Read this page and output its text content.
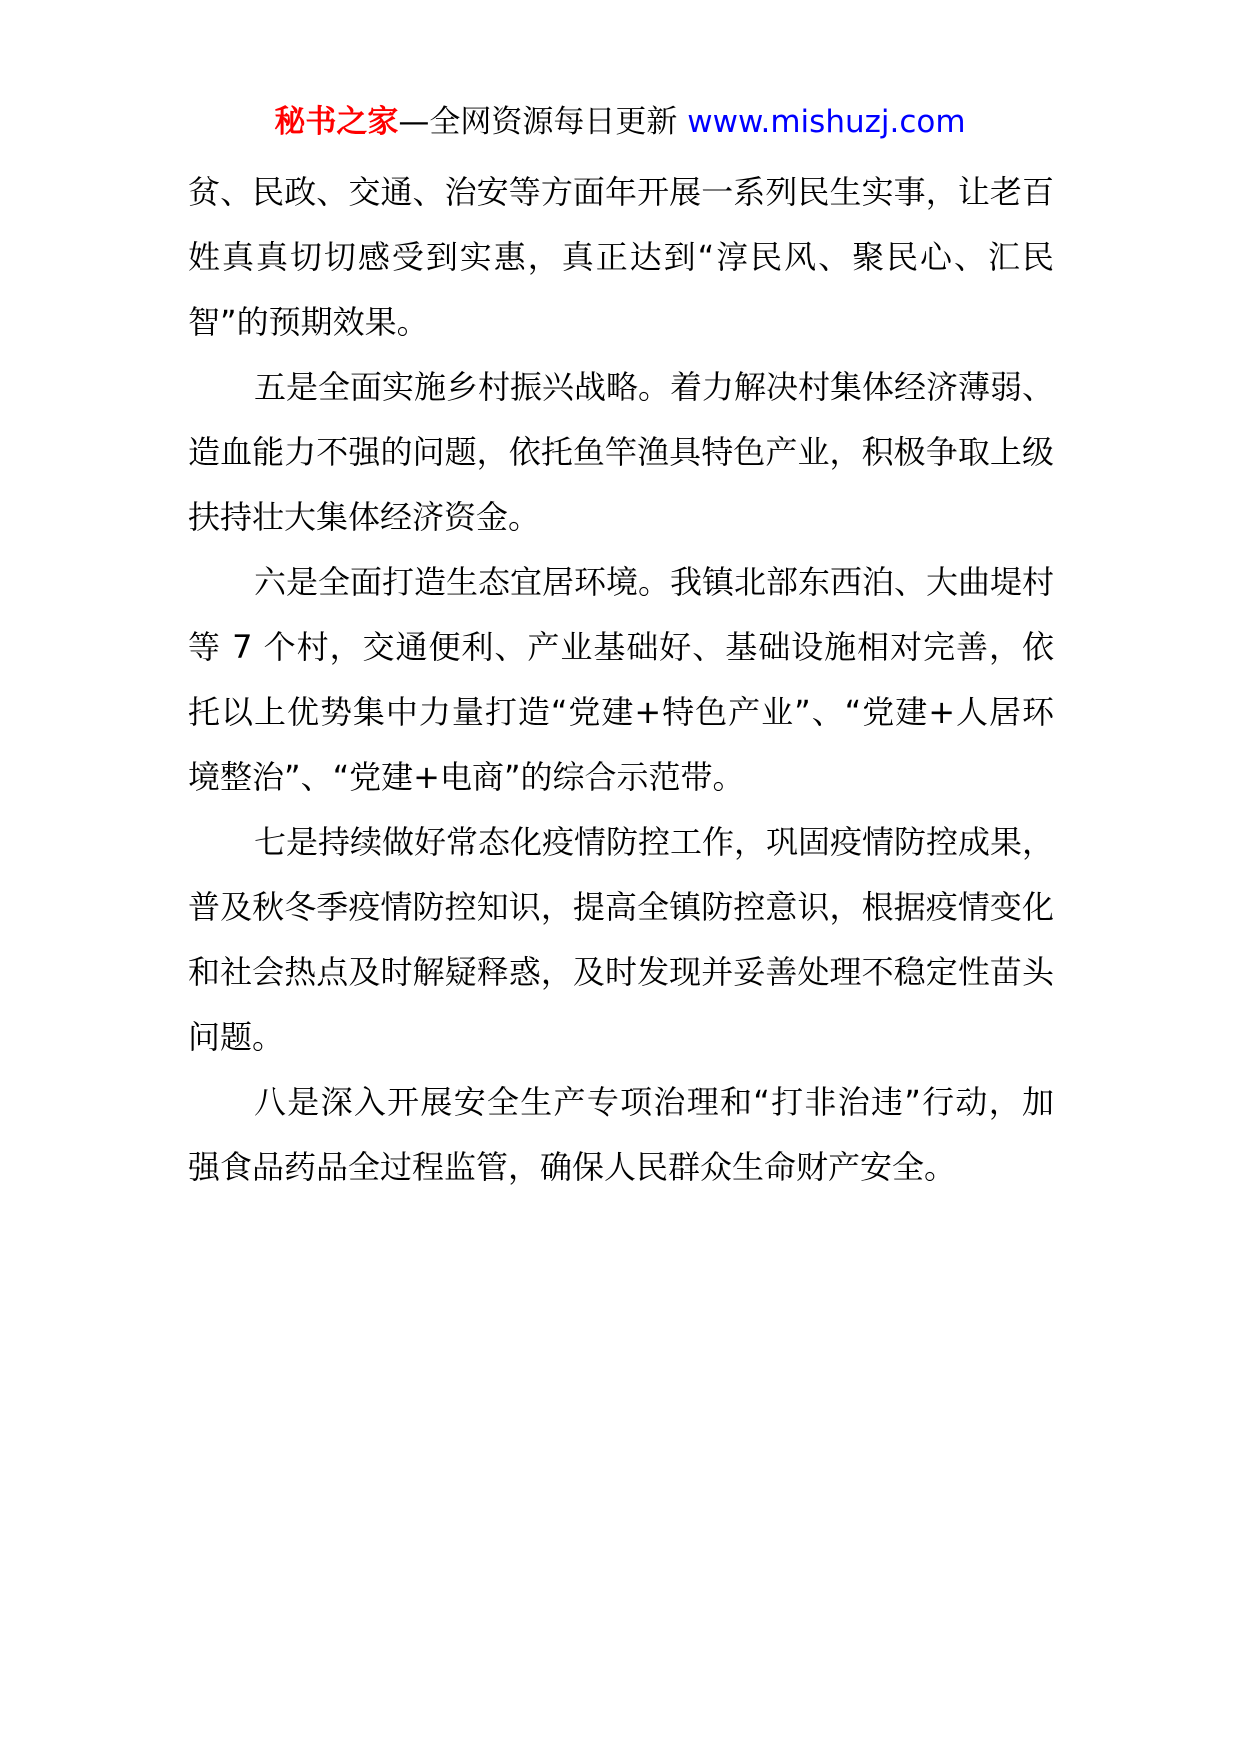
秘书之家—全网资源每日更新 www.mishuzj.com

贫、民政、交通、治安等方面年开展一系列民生实事，让老百姓真真切切感受到实惠，真正达到“淳民风、聚民心、汇民智”的预期效果。

五是全面实施乡村振兴战略。着力解决村集体经济薄弱、造血能力不强的问题，依托鱼竿渔具特色产业，积极争取上级扶持壮大集体经济资金。

六是全面打造生态宜居环境。我镇北部东西泊、大曲堤村等 7 个村，交通便利、产业基础好、基础设施相对完善，依托以上优势集中力量打造“党建+特色产业”、“党建+人居环境整治”、“党建+电商”的综合示范带。

七是持续做好常态化疫情防控工作，巩固疫情防控成果，普及秋冬季疫情防控知识，提高全镇防控意识，根据疫情变化和社会热点及时解疑释惑，及时发现并妥善处理不稳定性苗头问题。

八是深入开展安全生产专项治理和“打非治违”行动，加强食品药品全过程监管，确保人民群众生命财产安全。
